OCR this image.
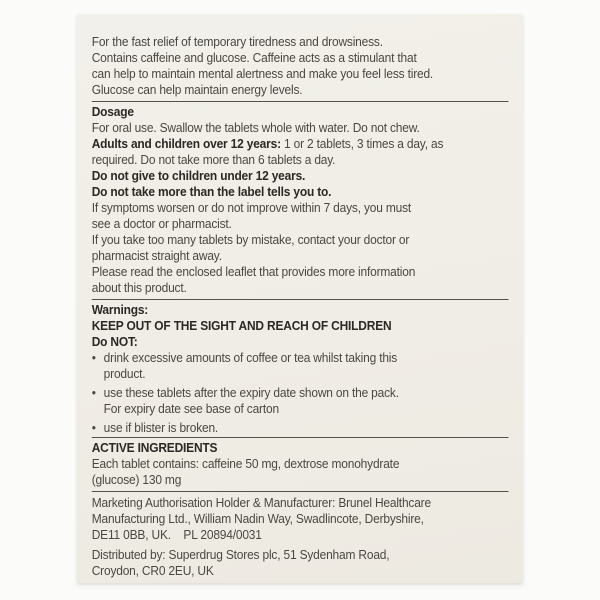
For the fast relief of temporary tiredness and drowsiness.
Contains caffeine and glucose. Caffeine acts as a stimulant that
can help to maintain mental alertness and make you feel less tired.
Glucose can help maintain energy levels.
Dosage
For oral use. Swallow the tablets whole with water. Do not chew.
Adults and children over 12 years: 1 or 2 tablets, 3 times a day, as
required. Do not take more than 6 tablets a day.
Do not give to children under 12 years.
Do not take more than the label tells you to.
If symptoms worsen or do not improve within 7 days, you must
see a doctor or pharmacist.
If you take too many tablets by mistake, contact your doctor or
pharmacist straight away.
Please read the enclosed leaflet that provides more information
about this product.
Warnings:
KEEP OUT OF THE SIGHT AND REACH OF CHILDREN
Do NOT:
• drink excessive amounts of coffee or tea whilst taking this
product.
• use these tablets after the expiry date shown on the pack.
For expiry date see base of carton
• use if blister is broken.
ACTIVE INGREDIENTS
Each tablet contains: caffeine 50 mg, dextrose monohydrate
(glucose) 130 mg
Marketing Authorisation Holder & Manufacturer: Brunel Healthcare
Manufacturing Ltd., William Nadin Way, Swadlincote, Derbyshire,
DE11 0BB, UK.    PL 20894/0031
Distributed by: Superdrug Stores plc, 51 Sydenham Road,
Croydon, CR0 2EU, UK
